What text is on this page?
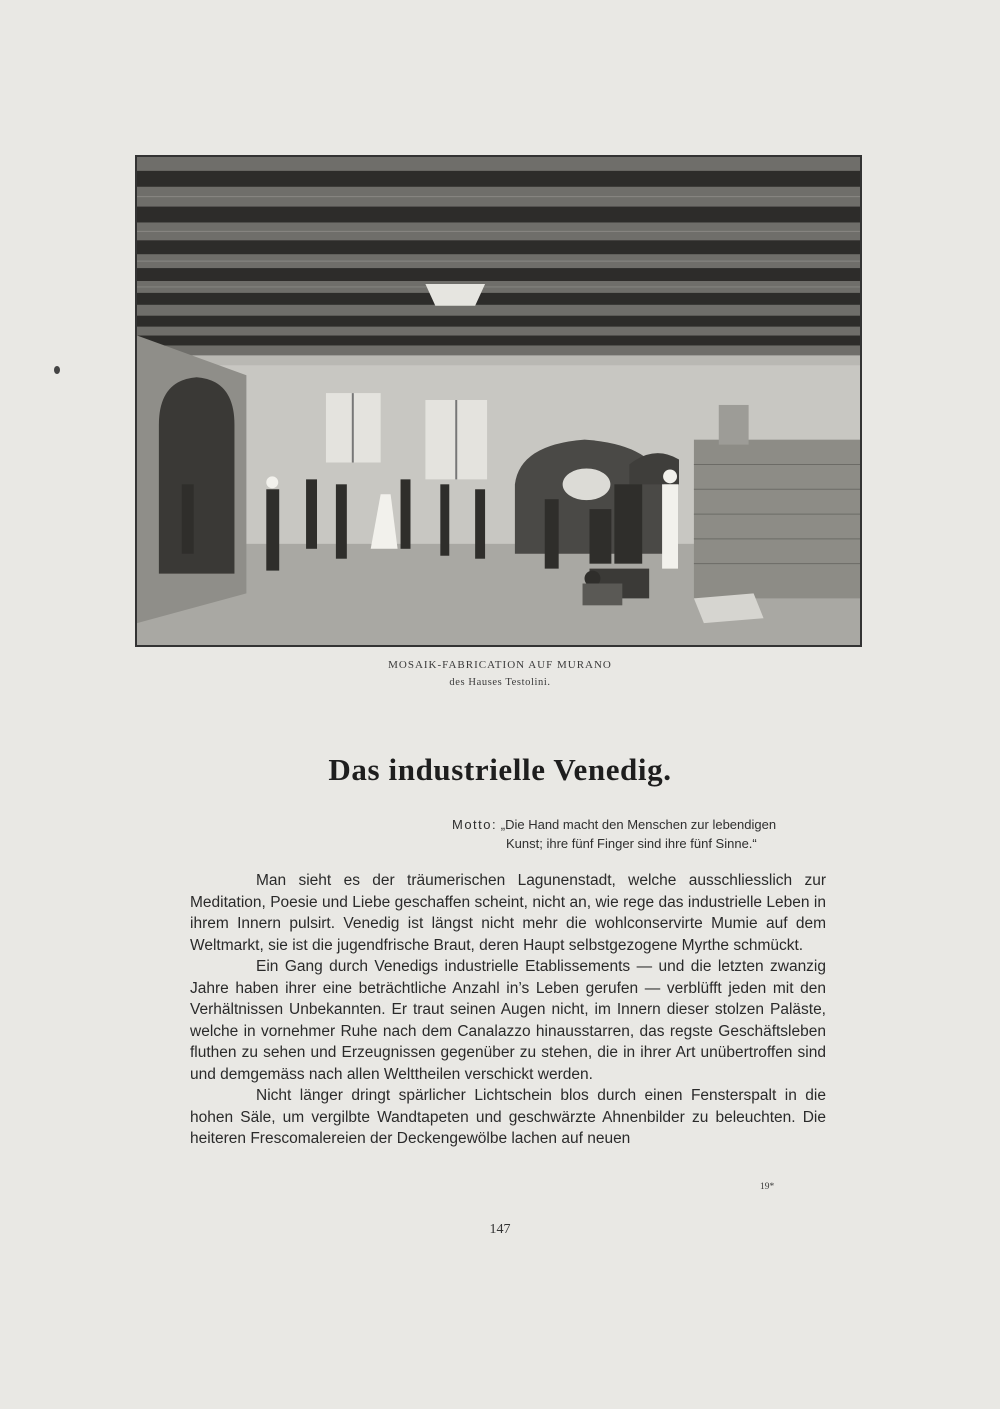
MOSAIK-FABRICATION AUF MURANO
des Hauses Testolini.
Das industrielle Venedig.
Motto: „Die Hand macht den Menschen zur lebendigen
Kunst; ihre fünf Finger sind ihre fünf Sinne.“

Man sieht es der träumerischen Lagunenstadt, welche ausschliesslich zur Meditation, Poesie und Liebe geschaffen scheint, nicht an, wie rege das industrielle Leben in ihrem Innern pulsirt. Venedig ist längst nicht mehr die wohlconservirte Mumie auf dem Weltmarkt, sie ist die jugendfrische Braut, deren Haupt selbstgezogene Myrthe schmückt.

Ein Gang durch Venedigs industrielle Etablissements — und die letzten zwanzig Jahre haben ihrer eine beträchtliche Anzahl in’s Leben gerufen — verblüfft jeden mit den Verhältnissen Unbekannten. Er traut seinen Augen nicht, im Innern dieser stolzen Paläste, welche in vornehmer Ruhe nach dem Canalazzo hinausstarren, das regste Geschäftsleben fluthen zu sehen und Erzeugnissen gegenüber zu stehen, die in ihrer Art unübertroffen sind und demgemäss nach allen Welttheilen verschickt werden.

Nicht länger dringt spärlicher Lichtschein blos durch einen Fensterspalt in die hohen Säle, um vergilbte Wandtapeten und geschwärzte Ahnenbilder zu beleuchten. Die heiteren Frescomalereien der Deckengewölbe lachen auf neuen

19*
147
